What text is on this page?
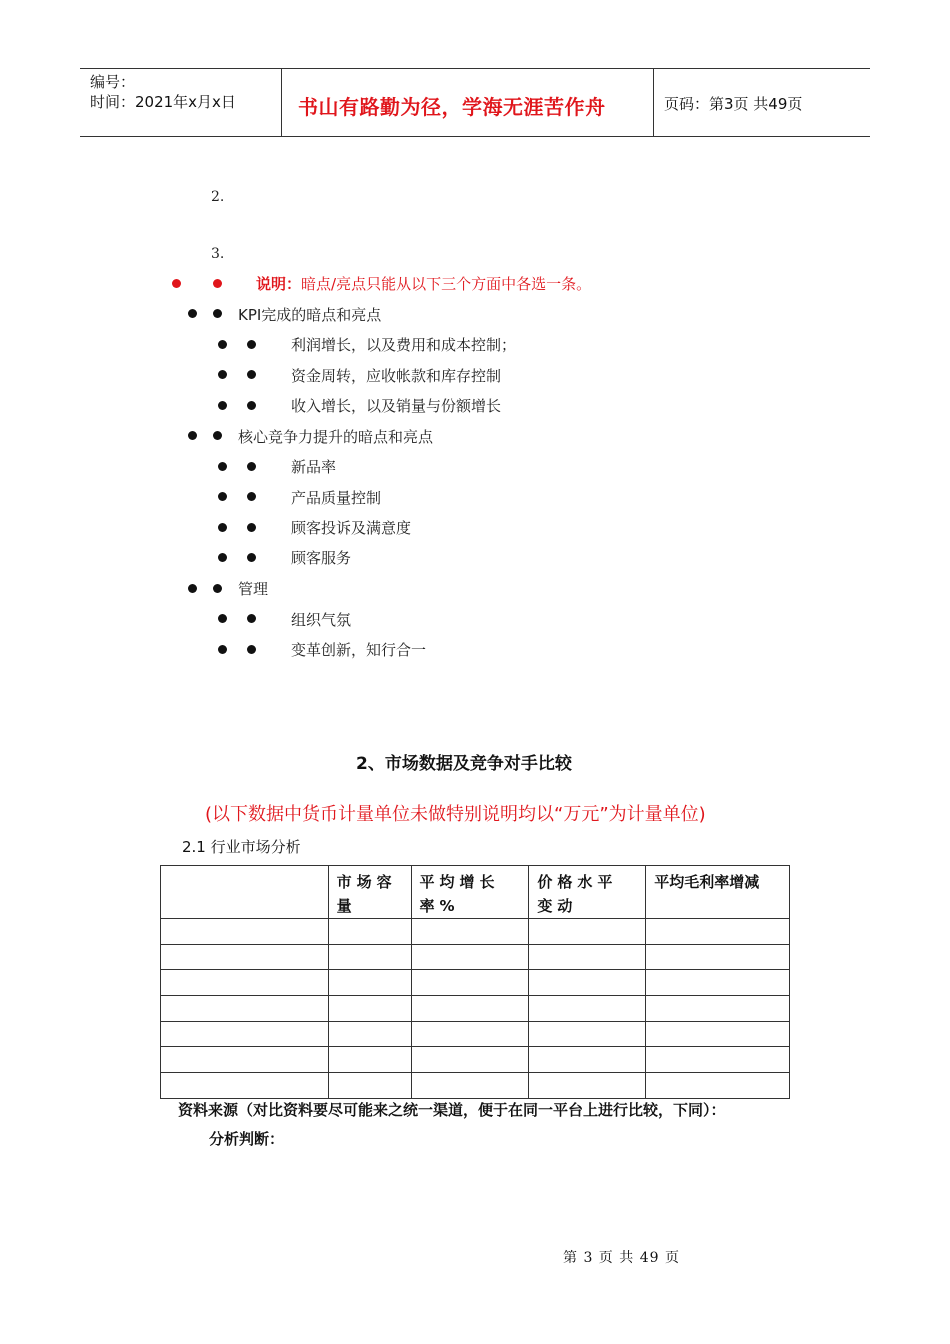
编号：
时间：2021年x月x日	书山有路勤为径，学海无涯苦作舟	页码：第3页 共49页
2.
3.
说明：暗点/亮点只能从以下三个方面中各选一条。
KPI完成的暗点和亮点
利润增长，以及费用和成本控制；
资金周转，应收帐款和库存控制
收入增长，以及销量与份额增长
核心竞争力提升的暗点和亮点
新品率
产品质量控制
顾客投诉及满意度
顾客服务
管理
组织气氛
变革创新，知行合一
2、市场数据及竞争对手比较
(以下数据中货币计量单位未做特别说明均以“万元”为计量单位)
2.1 行业市场分析
	市场容量	平均增长率%	价格水平变动	平均毛利率增减

资料来源（对比资料要尽可能来之统一渠道，便于在同一平台上进行比较，下同）：
分析判断：
第 3 页 共 49 页
